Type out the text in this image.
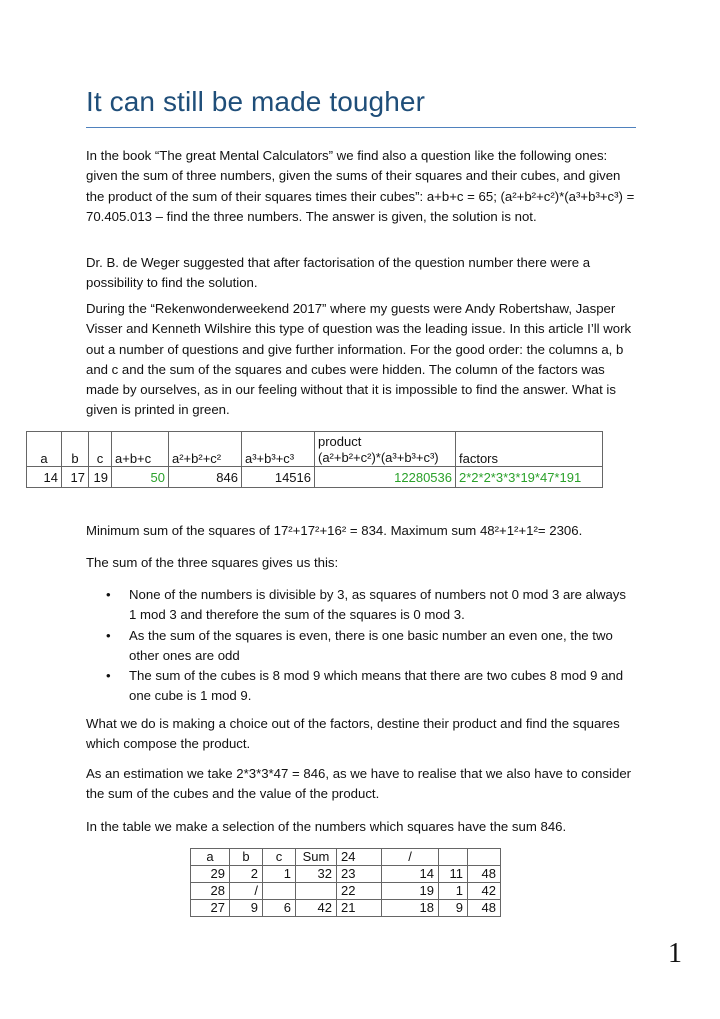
It can still be made tougher

In the book “The great Mental Calculators” we find also a question like the following ones: given the sum of three numbers, given the sums of their squares and their cubes, and given the product of the sum of their squares times their cubes”: a+b+c = 65; (a²+b²+c²)*(a³+b³+c³) = 70.405.013 – find the three numbers. The answer is given, the solution is not.

Dr. B. de Weger suggested that after factorisation of the question number there were a possibility to find the solution.

During the “Rekenwonderweekend 2017” where my guests were Andy Robertshaw, Jasper Visser and Kenneth Wilshire this type of question was the leading issue. In this article I’ll work out a number of questions and give further information. For the good order: the columns a, b and c and the sum of the squares and cubes were hidden. The column of the factors was made by ourselves, as in our feeling without that it is impossible to find the answer. What is given is printed in green.

a	b	c	a+b+c	a²+b²+c²	a³+b³+c³	product
(a²+b²+c²)*(a³+b³+c³)	factors
14	17	19	50	846	14516	12280536	2*2*2*3*3*19*47*191

Minimum sum of the squares of 17²+17²+16² = 834. Maximum sum 48²+1²+1²= 2306.

The sum of the three squares gives us this:

• None of the numbers is divisible by 3, as squares of numbers not 0 mod 3 are always 1 mod 3 and therefore the sum of the squares is 0 mod 3.
• As the sum of the squares is even, there is one basic number an even one, the two other ones are odd
• The sum of the cubes is 8 mod 9 which means that there are two cubes 8 mod 9 and one cube is 1 mod 9.

What we do is making a choice out of the factors, destine their product and find the squares which compose the product.

As an estimation we take 2*3*3*47 = 846, as we have to realise that we also have to consider the sum of the cubes and the value of the product.

In the table we make a selection of the numbers which squares have the sum 846.

a	b	c	Sum	24		/		
29	2	1	32	23		14	11	48
28	/			22		19	1	42
27	9	6	42	21		18	9	48
1
